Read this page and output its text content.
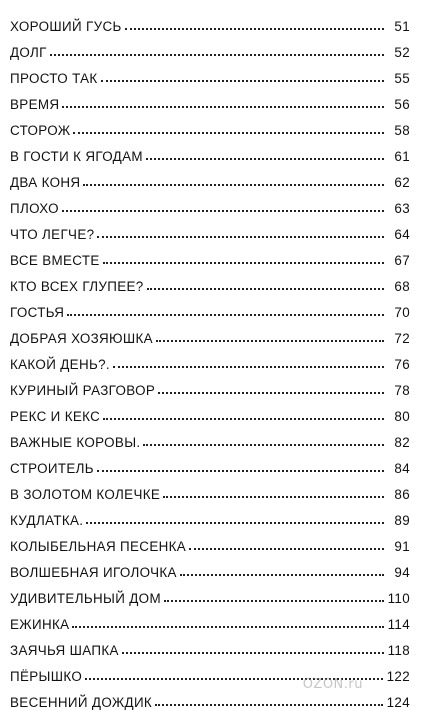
ХОРОШИЙ ГУСЬ	51
ДОЛГ	52
ПРОСТО ТАК	55
ВРЕМЯ	56
СТОРОЖ	58
В ГОСТИ К ЯГОДАМ	61
ДВА КОНЯ	62
ПЛОХО	63
ЧТО ЛЕГЧЕ?	64
ВСЕ ВМЕСТЕ	67
КТО ВСЕХ ГЛУПЕЕ?	68
ГОСТЬЯ	70
ДОБРАЯ ХОЗЯЮШКА	72
КАКОЙ ДЕНЬ?.	76
КУРИНЫЙ РАЗГОВОР	78
РЕКС И КЕКС	80
ВАЖНЫЕ КОРОВЫ.	82
СТРОИТЕЛЬ	84
В ЗОЛОТОМ КОЛЕЧКЕ	86
КУДЛАТКА.	89
КОЛЫБЕЛЬНАЯ ПЕСЕНКА	91
ВОЛШЕБНАЯ ИГОЛОЧКА	94
УДИВИТЕЛЬНЫЙ ДОМ	110
ЕЖИНКА	114
ЗАЯЧЬЯ ШАПКА	118
ПЁРЫШКО	122
ВЕСЕННИЙ ДОЖДИК	124
OZON.ru
